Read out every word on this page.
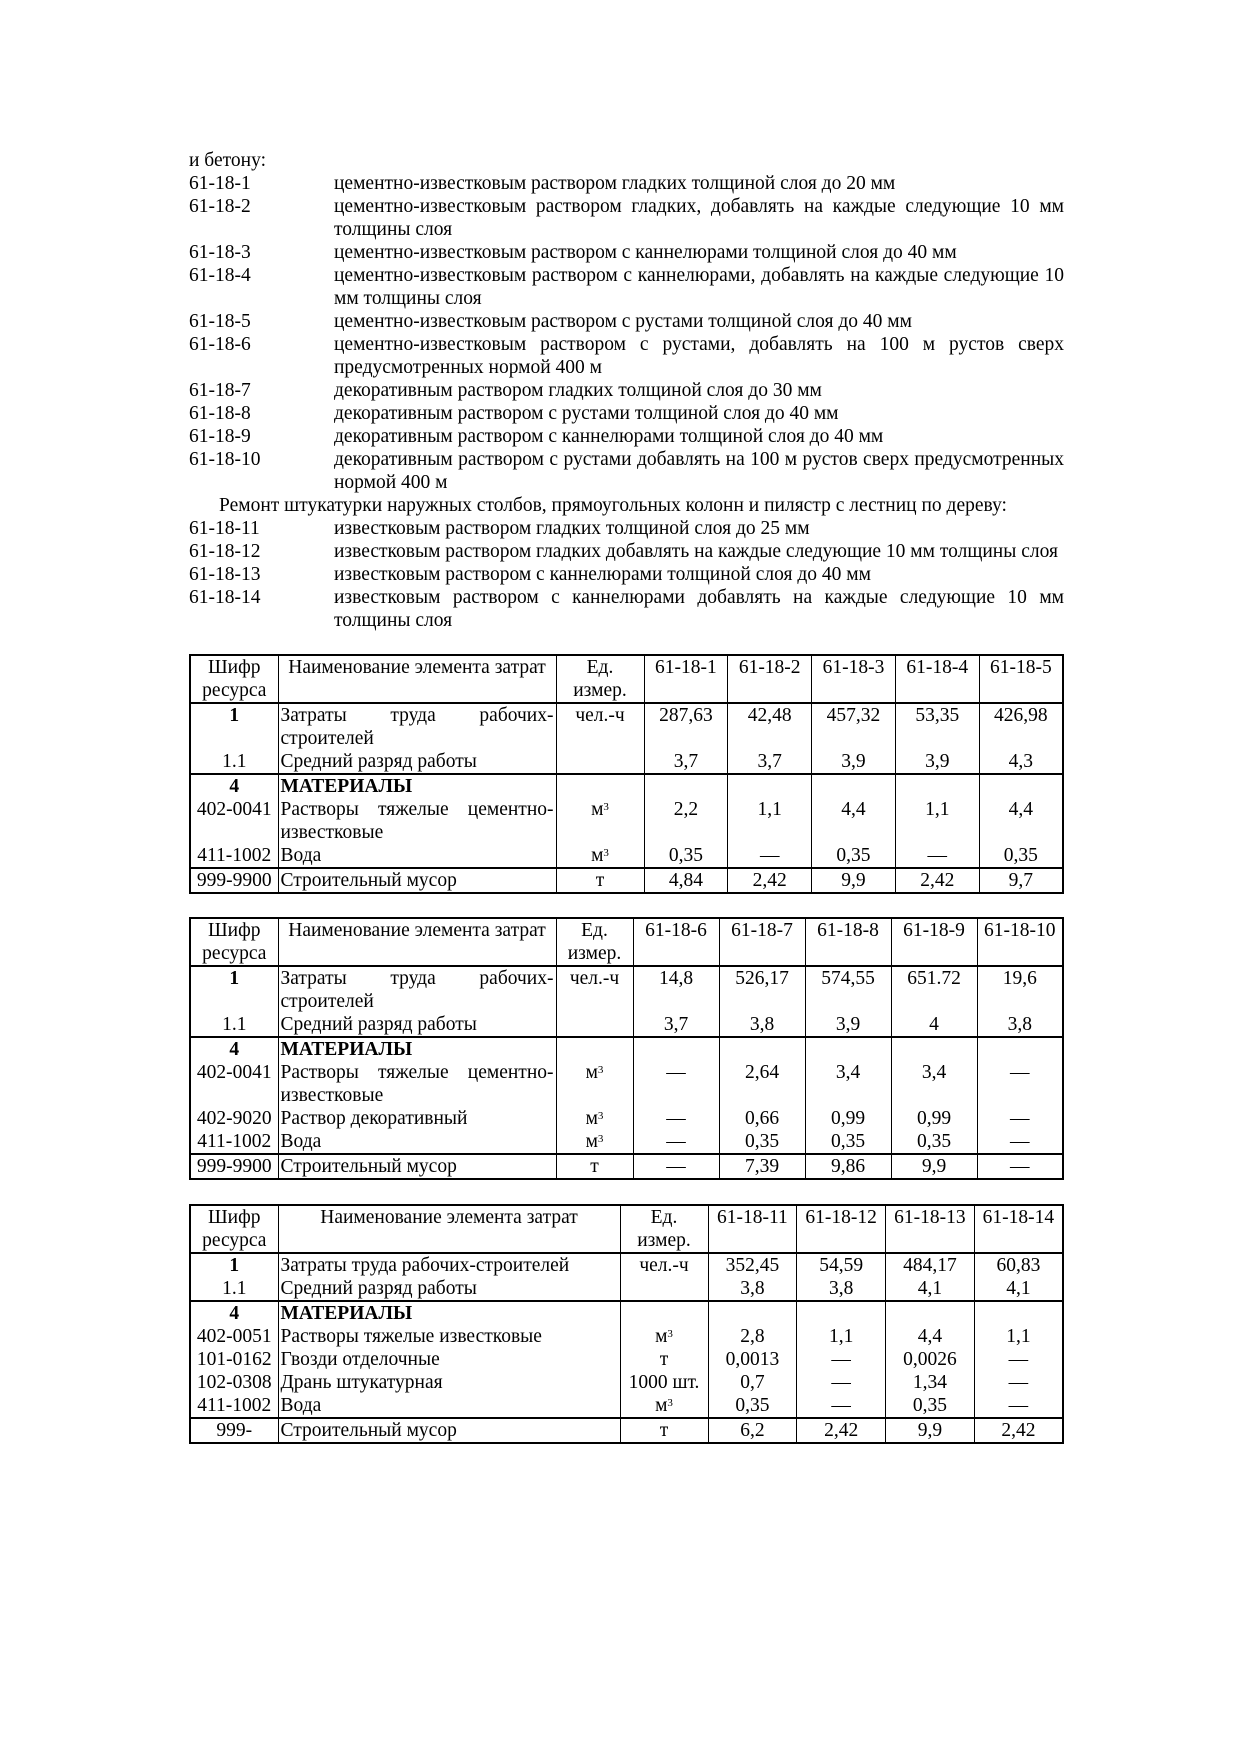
и бетону:
61-18-1	цементно-известковым раствором гладких толщиной слоя до 20 мм
61-18-2	цементно-известковым раствором гладких, добавлять на каждые следующие 10 мм толщины слоя
61-18-3	цементно-известковым раствором с каннелюрами толщиной слоя до 40 мм
61-18-4	цементно-известковым раствором с каннелюрами, добавлять на каждые следующие 10 мм толщины слоя
61-18-5	цементно-известковым раствором с рустами толщиной слоя до 40 мм
61-18-6	цементно-известковым раствором с рустами, добавлять на 100 м рустов сверх предусмотренных нормой 400 м
61-18-7	декоративным раствором гладких толщиной слоя до 30 мм
61-18-8	декоративным раствором с рустами толщиной слоя до 40 мм
61-18-9	декоративным раствором с каннелюрами толщиной слоя до 40 мм
61-18-10	декоративным раствором с рустами добавлять на 100 м рустов сверх предусмотренных нормой 400 м
Ремонт штукатурки наружных столбов, прямоугольных колонн и пилястр с лестниц по дереву:
61-18-11	известковым раствором гладких толщиной слоя до 25 мм
61-18-12	известковым раствором гладких добавлять на каждые следующие 10 мм толщины слоя
61-18-13	известковым раствором с каннелюрами толщиной слоя до 40 мм
61-18-14	известковым раствором с каннелюрами добавлять на каждые следующие 10 мм толщины слоя
Шифр ресурса	Наименование элемента затрат	Ед. измер.	61-18-1	61-18-2	61-18-3	61-18-4	61-18-5
1	Затраты труда рабочих-строителей	чел.-ч	287,63	42,48	457,32	53,35	426,98
1.1	Средний разряд работы		3,7	3,7	3,9	3,9	4,3
4	МАТЕРИАЛЫ						
402-0041	Растворы тяжелые цементно-известковые	$м^3$	2,2	1,1	4,4	1,1	4,4
411-1002	Вода	$м^3$	0,35	—	0,35	—	0,35
999-9900	Строительный мусор	т	4,84	2,42	9,9	2,42	9,7
Шифр ресурса	Наименование элемента затрат	Ед. измер.	61-18-6	61-18-7	61-18-8	61-18-9	61-18-10
1	Затраты труда рабочих-строителей	чел.-ч	14,8	526,17	574,55	651.72	19,6
1.1	Средний разряд работы		3,7	3,8	3,9	4	3,8
4	МАТЕРИАЛЫ						
402-0041	Растворы тяжелые цементно-известковые	$м^3$	—	2,64	3,4	3,4	—
402-9020	Раствор декоративный	$м^3$	—	0,66	0,99	0,99	—
411-1002	Вода	$м^3$	—	0,35	0,35	0,35	—
999-9900	Строительный мусор	т	—	7,39	9,86	9,9	—
Шифр ресурса	Наименование элемента затрат	Ед. измер.	61-18-11	61-18-12	61-18-13	61-18-14
1	Затраты труда рабочих-строителей	чел.-ч	352,45	54,59	484,17	60,83
1.1	Средний разряд работы		3,8	3,8	4,1	4,1
4	МАТЕРИАЛЫ					
402-0051	Растворы тяжелые известковые	$м^3$	2,8	1,1	4,4	1,1
101-0162	Гвозди отделочные	т	0,0013	—	0,0026	—
102-0308	Дрань штукатурная	1000 шт.	0,7	—	1,34	—
411-1002	Вода	$м^3$	0,35	—	0,35	—
999-	Строительный мусор	т	6,2	2,42	9,9	2,42
